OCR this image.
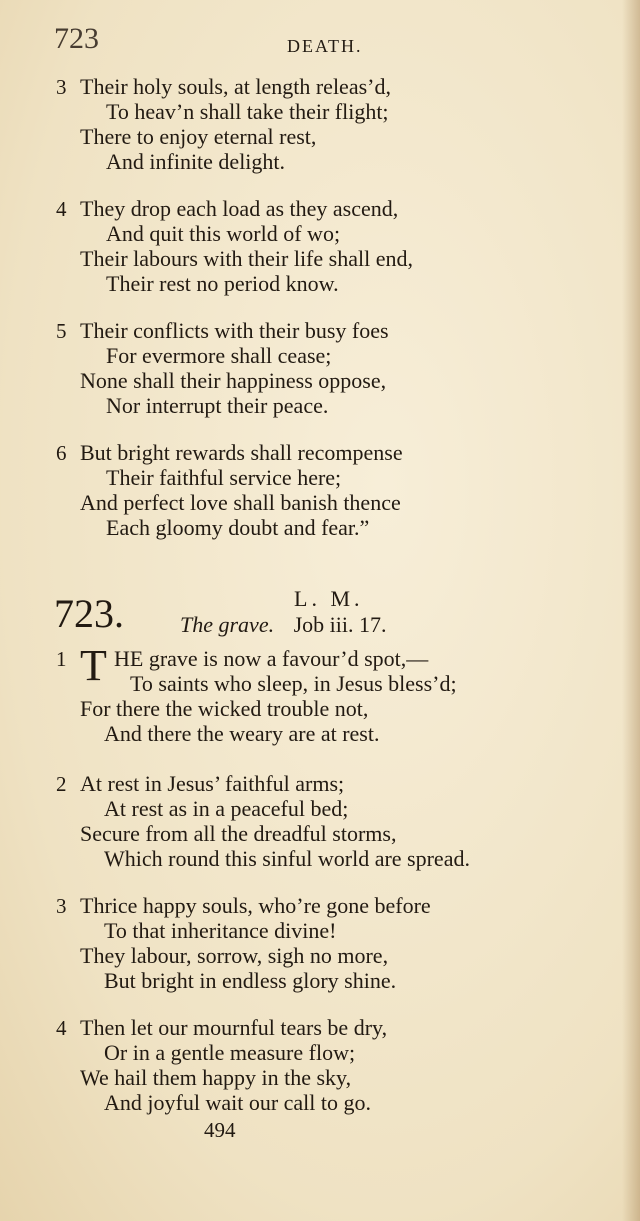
723	DEATH.
3 Their holy souls, at length releas’d,
To heav’n shall take their flight;
There to enjoy eternal rest,
And infinite delight.
4 They drop each load as they ascend,
And quit this world of wo;
Their labours with their life shall end,
Their rest no period know.
5 Their conflicts with their busy foes
For evermore shall cease;
None shall their happiness oppose,
Nor interrupt their peace.
6 But bright rewards shall recompense
Their faithful service here;
And perfect love shall banish thence
Each gloomy doubt and fear.”
723.	L. M.
The grave. Job iii. 17.
1 T HE grave is now a favour’d spot,—
To saints who sleep, in Jesus bless’d;
For there the wicked trouble not,
And there the weary are at rest.
2 At rest in Jesus’ faithful arms;
At rest as in a peaceful bed;
Secure from all the dreadful storms,
Which round this sinful world are spread.
3 Thrice happy souls, who’re gone before
To that inheritance divine!
They labour, sorrow, sigh no more,
But bright in endless glory shine.
4 Then let our mournful tears be dry,
Or in a gentle measure flow;
We hail them happy in the sky,
And joyful wait our call to go.
494
